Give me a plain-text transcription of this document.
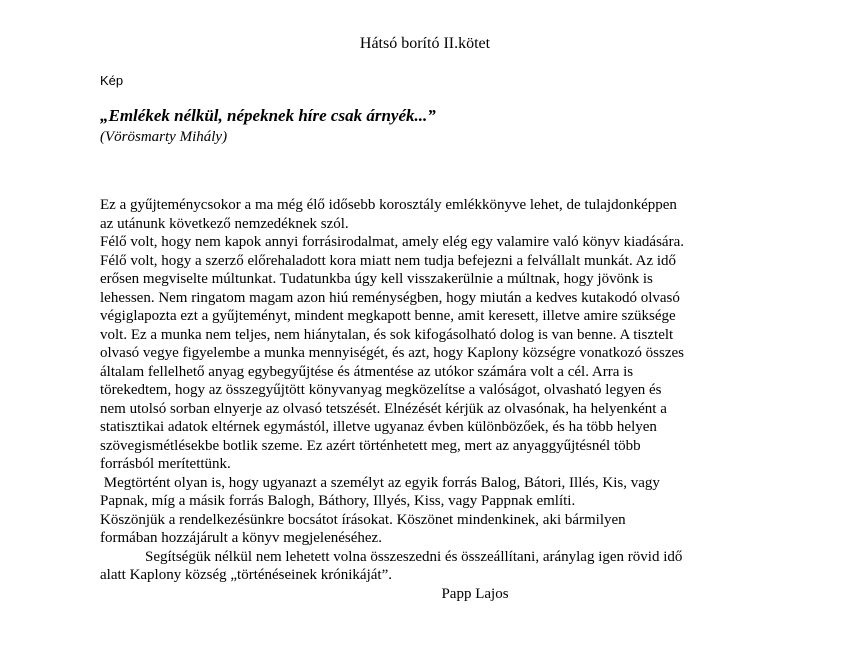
Hátsó borító II.kötet
Kép
„Emlékek nélkül, népeknek híre csak árnyék...”
(Vörösmarty Mihály)
Ez a gyűjteménycsokor a ma még élő idősebb korosztály emlékkönyve lehet, de tulajdonképpen
az utánunk következő nemzedéknek szól.
Félő volt, hogy nem kapok annyi forrásirodalmat, amely elég egy valamire való könyv kiadására.
Félő volt, hogy a szerző előrehaladott kora miatt nem tudja befejezni a felvállalt munkát. Az idő
erősen megviselte múltunkat. Tudatunkba úgy kell visszakerülnie a múltnak, hogy jövönk is
lehessen. Nem ringatom magam azon hiú reménységben, hogy miután a kedves kutakodó olvasó
végiglapozta ezt a gyűjteményt, mindent megkapott benne, amit keresett, illetve amire szüksége
volt. Ez a munka nem teljes, nem hiánytalan, és sok kifogásolható dolog is van benne. A tisztelt
olvasó vegye figyelembe a munka mennyiségét, és azt, hogy Kaplony községre vonatkozó összes
általam fellelhető anyag egybegyűjtése és átmentése az utókor számára volt a cél. Arra is
törekedtem, hogy az összegyűjtött könyvanyag megközelítse a valóságot, olvasható legyen és
nem utolsó sorban elnyerje az olvasó tetszését. Elnézését kérjük az olvasónak, ha helyenként a
statisztikai adatok eltérnek egymástól, illetve ugyanaz évben különbözőek, és ha több helyen
szövegismétlésekbe botlik szeme. Ez azért történhetett meg, mert az anyaggyűjtésnél több
forrásból merítettünk.
Megtörtént olyan is, hogy ugyanazt a személyt az egyik forrás Balog, Bátori, Illés, Kis, vagy
Papnak, míg a másik forrás Balogh, Báthory, Illyés, Kiss, vagy Pappnak említi.
Köszönjük a rendelkezésünkre bocsátot írásokat. Köszönet mindenkinek, aki bármilyen
formában hozzájárult a könyv megjelenéséhez.
Segítségük nélkül nem lehetett volna összeszedni és összeállítani, aránylag igen rövid idő
alatt Kaplony község „történéseinek krónikáját”.
Papp Lajos
